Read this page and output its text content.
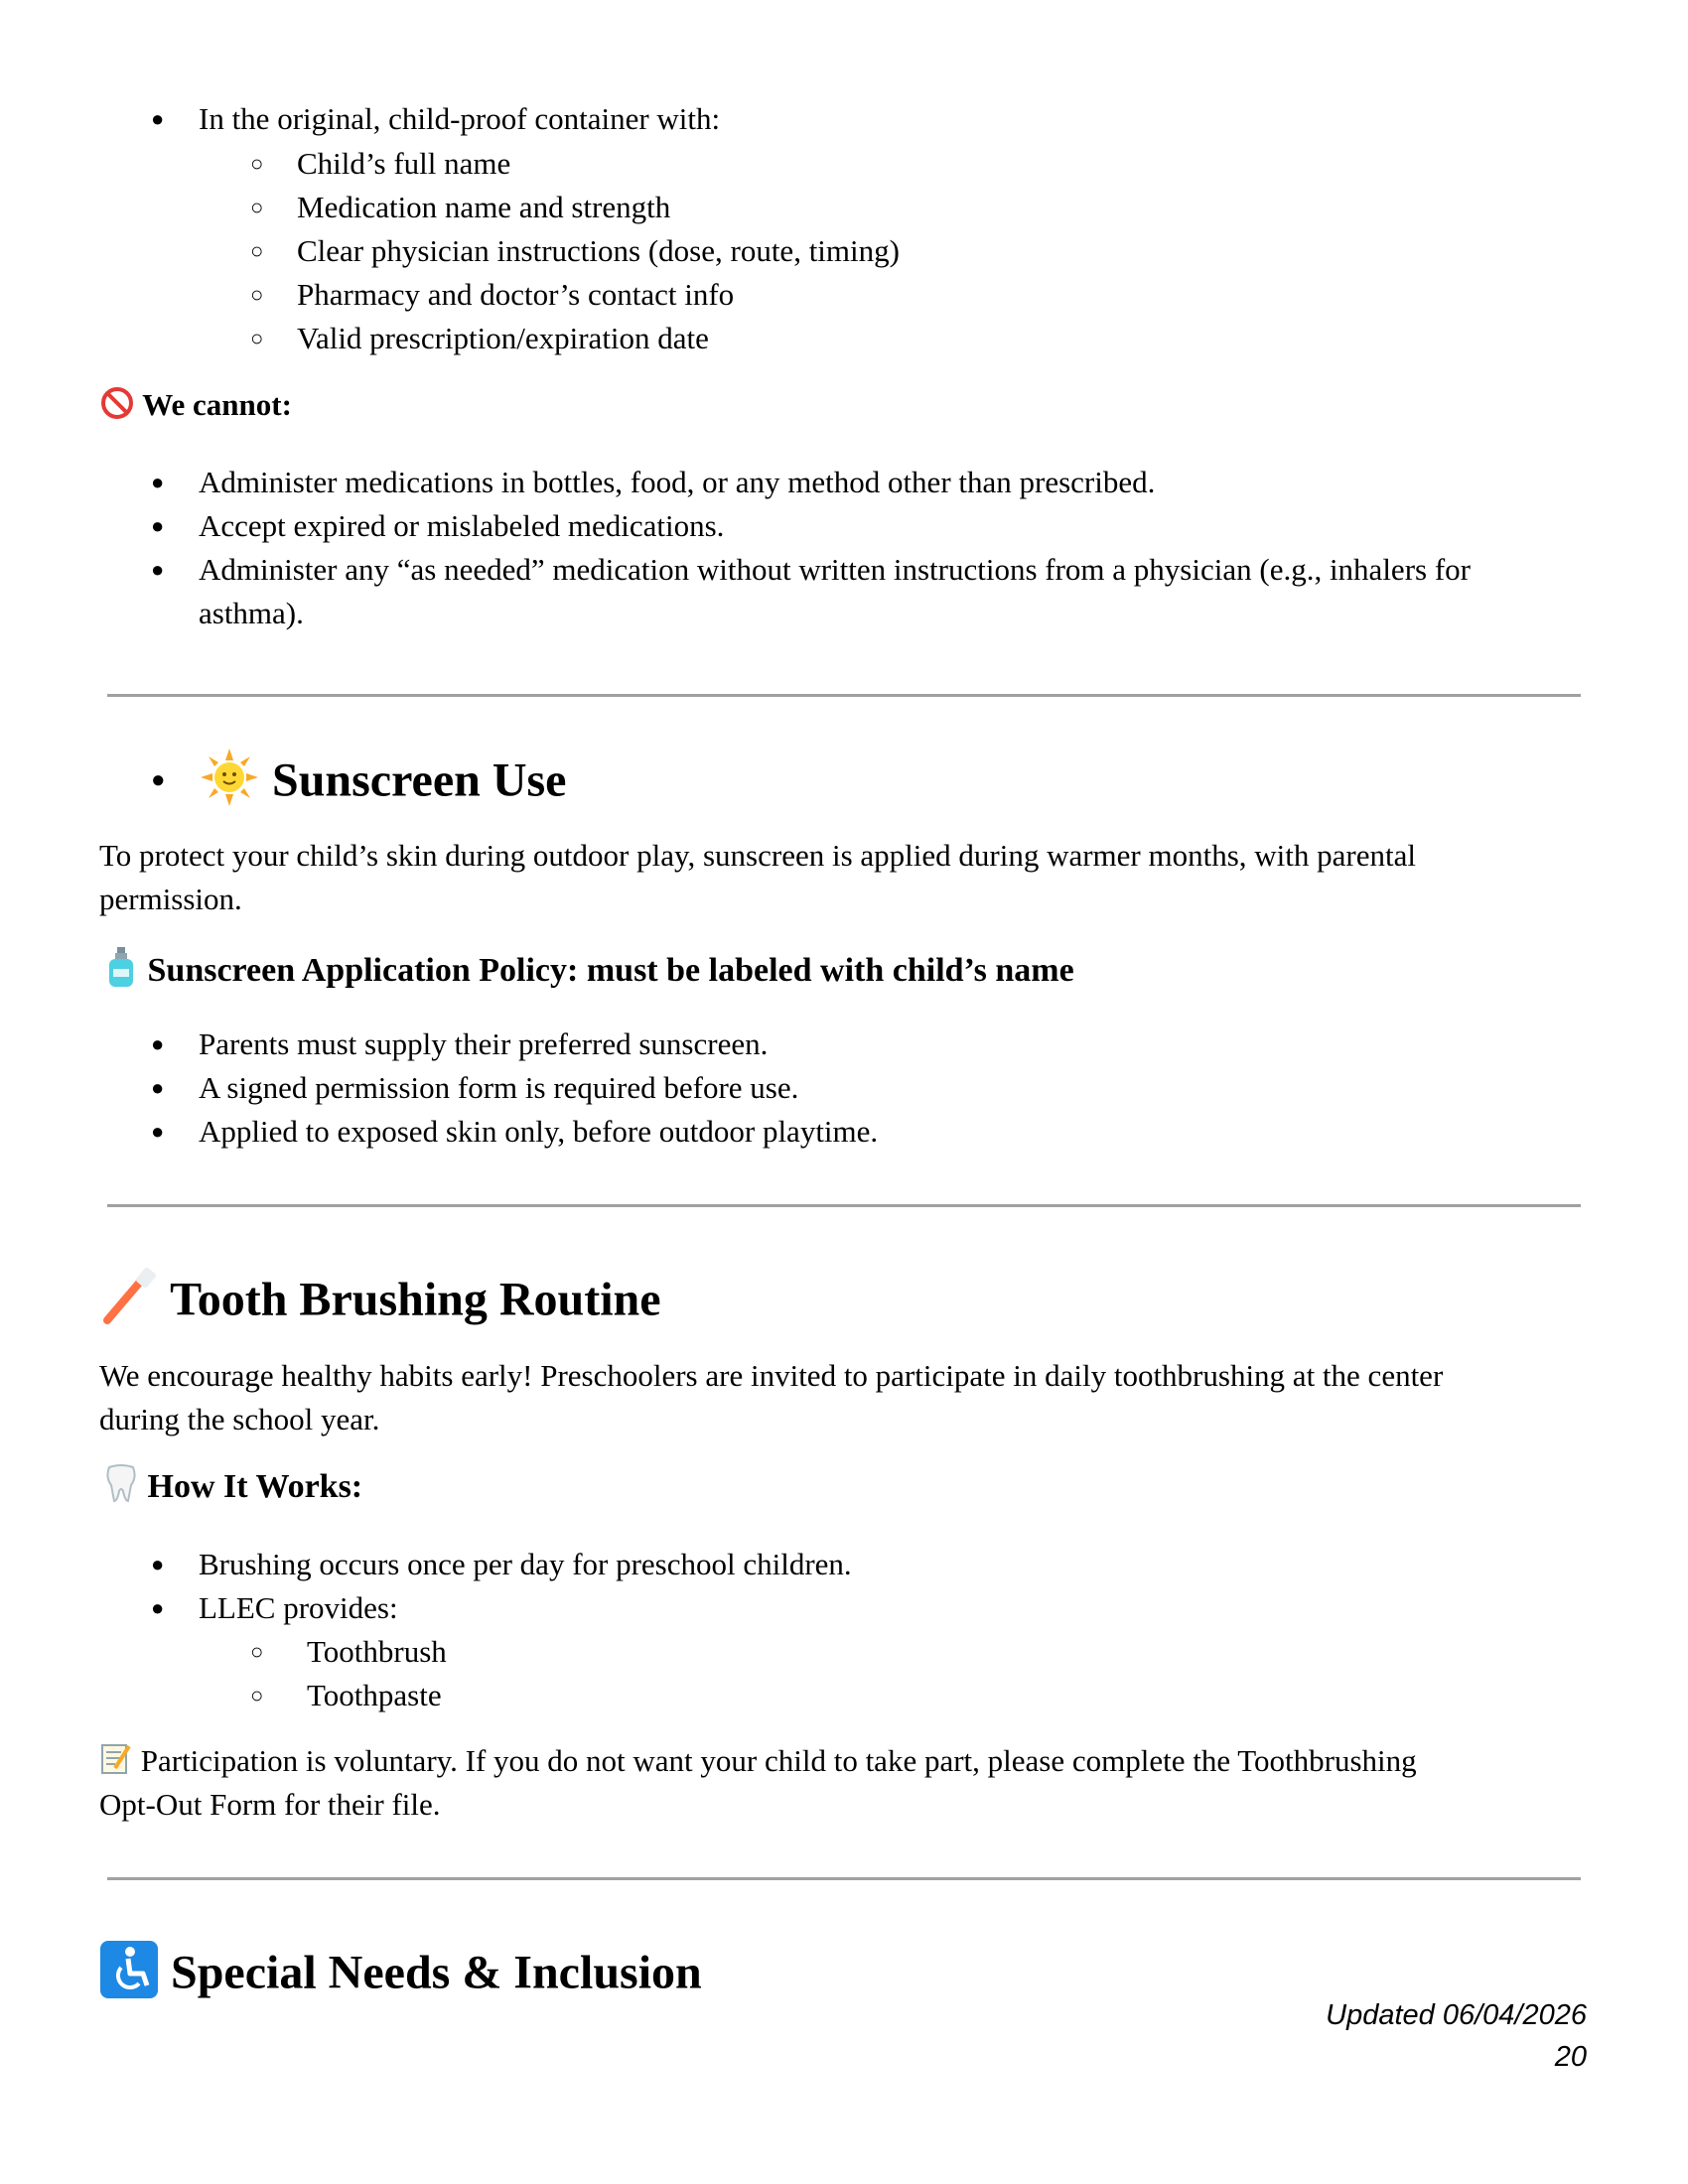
● In the original, child-proof container with:
○ Child’s full name
○ Medication name and strength
○ Clear physician instructions (dose, route, timing)
○ Pharmacy and doctor’s contact info
○ Valid prescription/expiration date
We cannot:
● Administer medications in bottles, food, or any method other than prescribed.
● Accept expired or mislabeled medications.
● Administer any “as needed” medication without written instructions from a physician (e.g., inhalers for
asthma).
●	Sunscreen Use
To protect your child’s skin during outdoor play, sunscreen is applied during warmer months, with parental
permission.
Sunscreen Application Policy: must be labeled with child’s name
● Parents must supply their preferred sunscreen.
● A signed permission form is required before use.
● Applied to exposed skin only, before outdoor playtime.
Tooth Brushing Routine
We encourage healthy habits early! Preschoolers are invited to participate in daily toothbrushing at the center
during the school year.
How It Works:
● Brushing occurs once per day for preschool children.
● LLEC provides:
○ Toothbrush
○ Toothpaste
Participation is voluntary. If you do not want your child to take part, please complete the Toothbrushing
Opt-Out Form for their file.
Special Needs & Inclusion
Updated 06/04/2026
20
